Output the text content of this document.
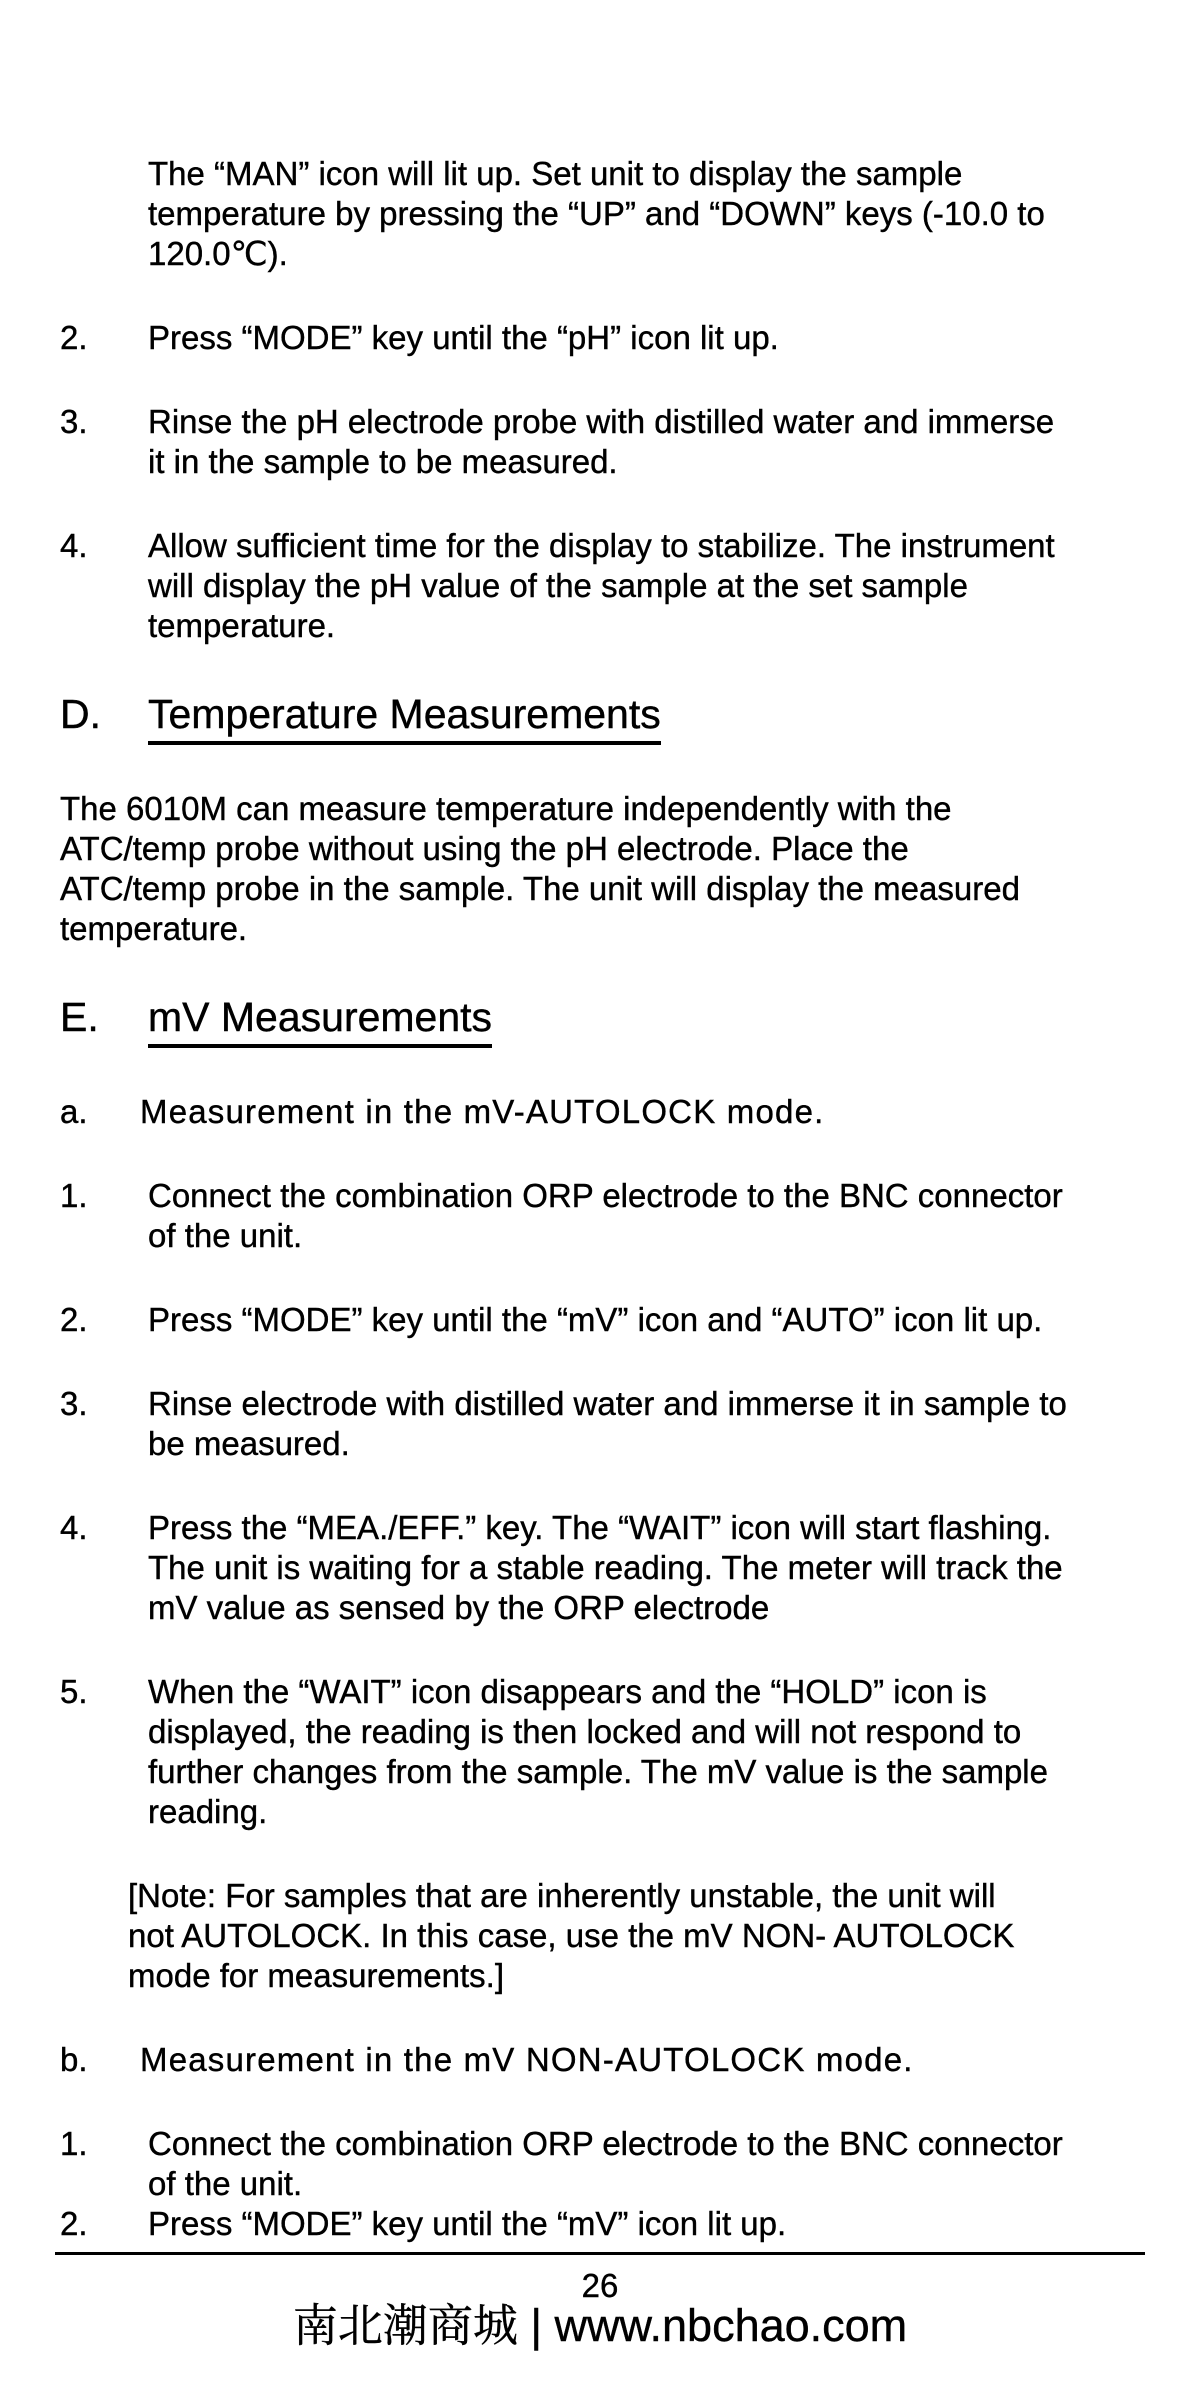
The “MAN” icon will lit up. Set unit to display the sample
temperature by pressing the “UP” and “DOWN” keys (-10.0 to
120.0℃).
2.	Press “MODE” key until the “pH” icon lit up.
3.	Rinse the pH electrode probe with distilled water and immerse
it in the sample to be measured.
4.	Allow sufficient time for the display to stabilize. The instrument
will display the pH value of the sample at the set sample
temperature.
D.	Temperature Measurements
The 6010M can measure temperature independently with the
ATC/temp probe without using the pH electrode. Place the
ATC/temp probe in the sample. The unit will display the measured
temperature.
E.	mV Measurements
a.	Measurement in the mV-AUTOLOCK mode.
1.	Connect the combination ORP electrode to the BNC connector
of the unit.
2.	Press “MODE” key until the “mV” icon and “AUTO” icon lit up.
3.	Rinse electrode with distilled water and immerse it in sample to
be measured.
4.	Press the “MEA./EFF.” key. The “WAIT” icon will start flashing.
The unit is waiting for a stable reading. The meter will track the
mV value as sensed by the ORP electrode
5.	When the “WAIT” icon disappears and the “HOLD” icon is
displayed, the reading is then locked and will not respond to
further changes from the sample. The mV value is the sample
reading.
[Note: For samples that are inherently unstable, the unit will
not AUTOLOCK. In this case, use the mV NON- AUTOLOCK
mode for measurements.]
b.	Measurement in the mV NON-AUTOLOCK mode.
1.	Connect the combination ORP electrode to the BNC connector
of the unit.
2.	Press “MODE” key until the “mV” icon lit up.
26
南北潮商城 | www.nbchao.com
